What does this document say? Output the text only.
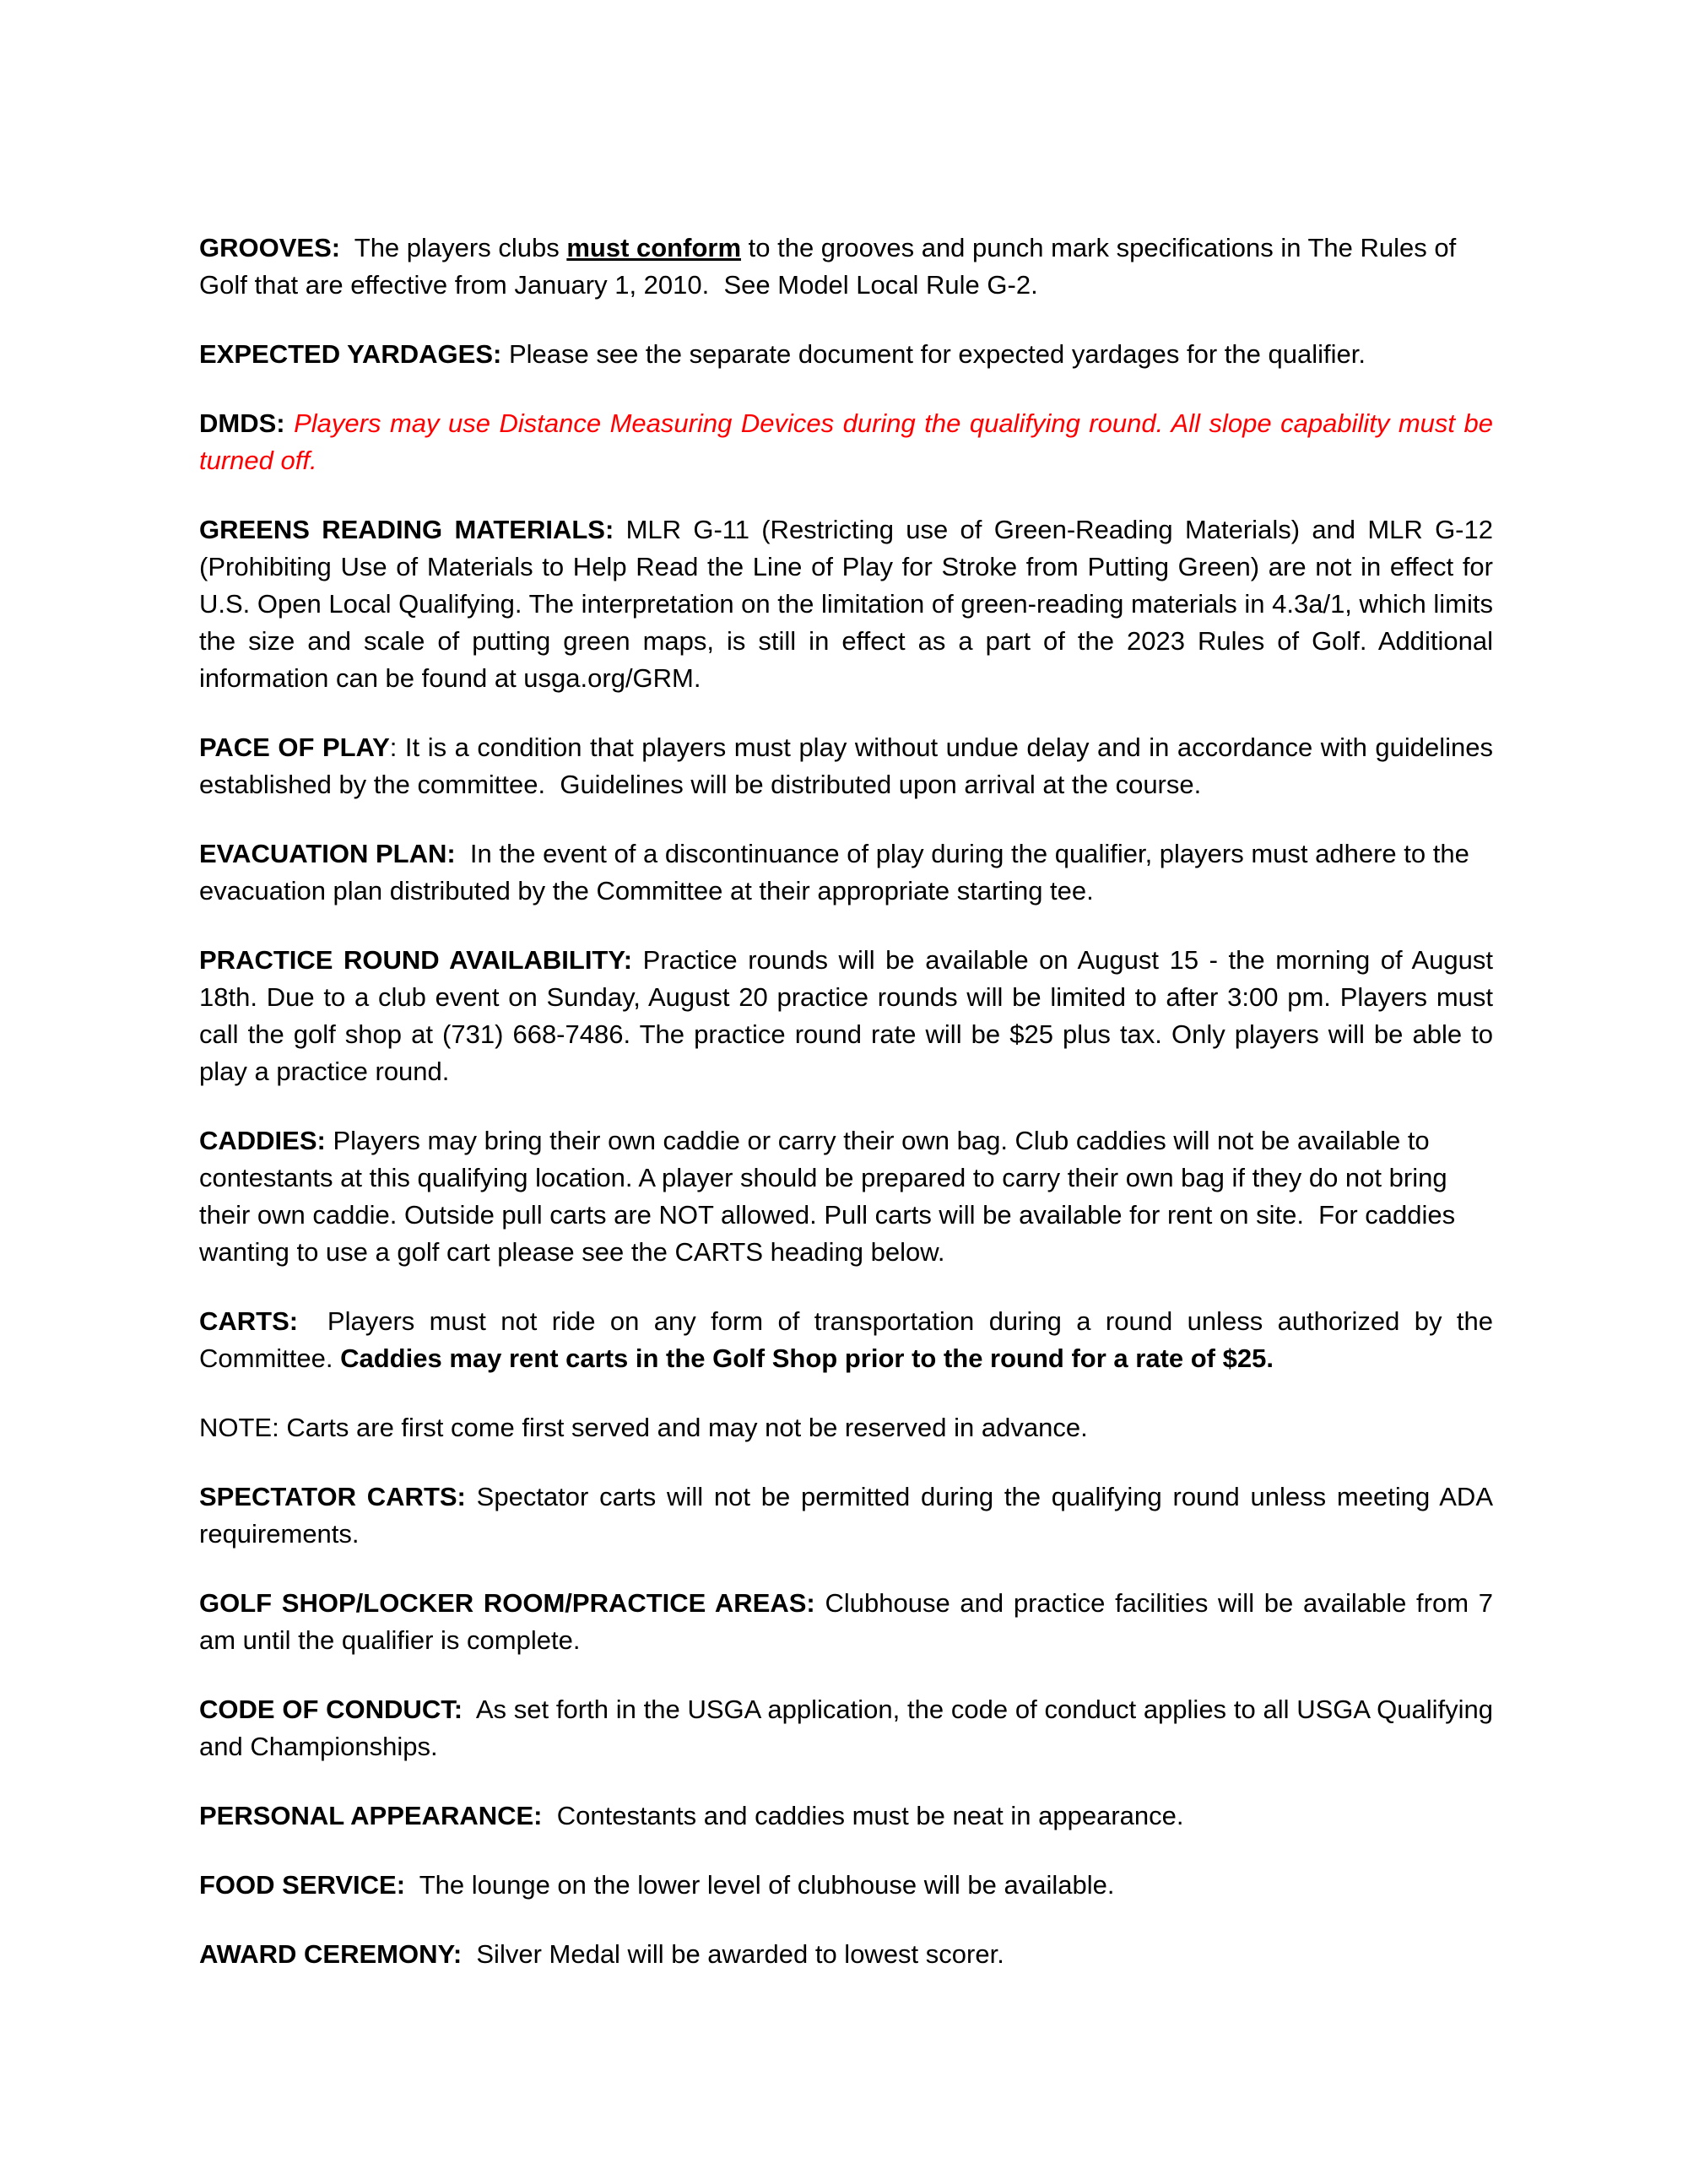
GROOVES:  The players clubs must conform to the grooves and punch mark specifications in The Rules of Golf that are effective from January 1, 2010.  See Model Local Rule G-2.

EXPECTED YARDAGES: Please see the separate document for expected yardages for the qualifier.

DMDS: Players may use Distance Measuring Devices during the qualifying round. All slope capability must be turned off.

GREENS READING MATERIALS: MLR G-11 (Restricting use of Green-Reading Materials) and MLR G-12 (Prohibiting Use of Materials to Help Read the Line of Play for Stroke from Putting Green) are not in effect for U.S. Open Local Qualifying. The interpretation on the limitation of green-reading materials in 4.3a/1, which limits the size and scale of putting green maps, is still in effect as a part of the 2023 Rules of Golf. Additional information can be found at usga.org/GRM.

PACE OF PLAY: It is a condition that players must play without undue delay and in accordance with guidelines established by the committee.  Guidelines will be distributed upon arrival at the course.

EVACUATION PLAN:  In the event of a discontinuance of play during the qualifier, players must adhere to the evacuation plan distributed by the Committee at their appropriate starting tee.

PRACTICE ROUND AVAILABILITY: Practice rounds will be available on August 15 - the morning of August 18th. Due to a club event on Sunday, August 20 practice rounds will be limited to after 3:00 pm. Players must call the golf shop at (731) 668-7486. The practice round rate will be $25 plus tax. Only players will be able to play a practice round.

CADDIES: Players may bring their own caddie or carry their own bag. Club caddies will not be available to contestants at this qualifying location. A player should be prepared to carry their own bag if they do not bring their own caddie. Outside pull carts are NOT allowed. Pull carts will be available for rent on site.  For caddies wanting to use a golf cart please see the CARTS heading below.

CARTS:  Players must not ride on any form of transportation during a round unless authorized by the Committee. Caddies may rent carts in the Golf Shop prior to the round for a rate of $25.

NOTE: Carts are first come first served and may not be reserved in advance.

SPECTATOR CARTS: Spectator carts will not be permitted during the qualifying round unless meeting ADA requirements.

GOLF SHOP/LOCKER ROOM/PRACTICE AREAS: Clubhouse and practice facilities will be available from 7 am until the qualifier is complete.

CODE OF CONDUCT:  As set forth in the USGA application, the code of conduct applies to all USGA Qualifying and Championships.

PERSONAL APPEARANCE:  Contestants and caddies must be neat in appearance.

FOOD SERVICE:  The lounge on the lower level of clubhouse will be available.

AWARD CEREMONY:  Silver Medal will be awarded to lowest scorer.
